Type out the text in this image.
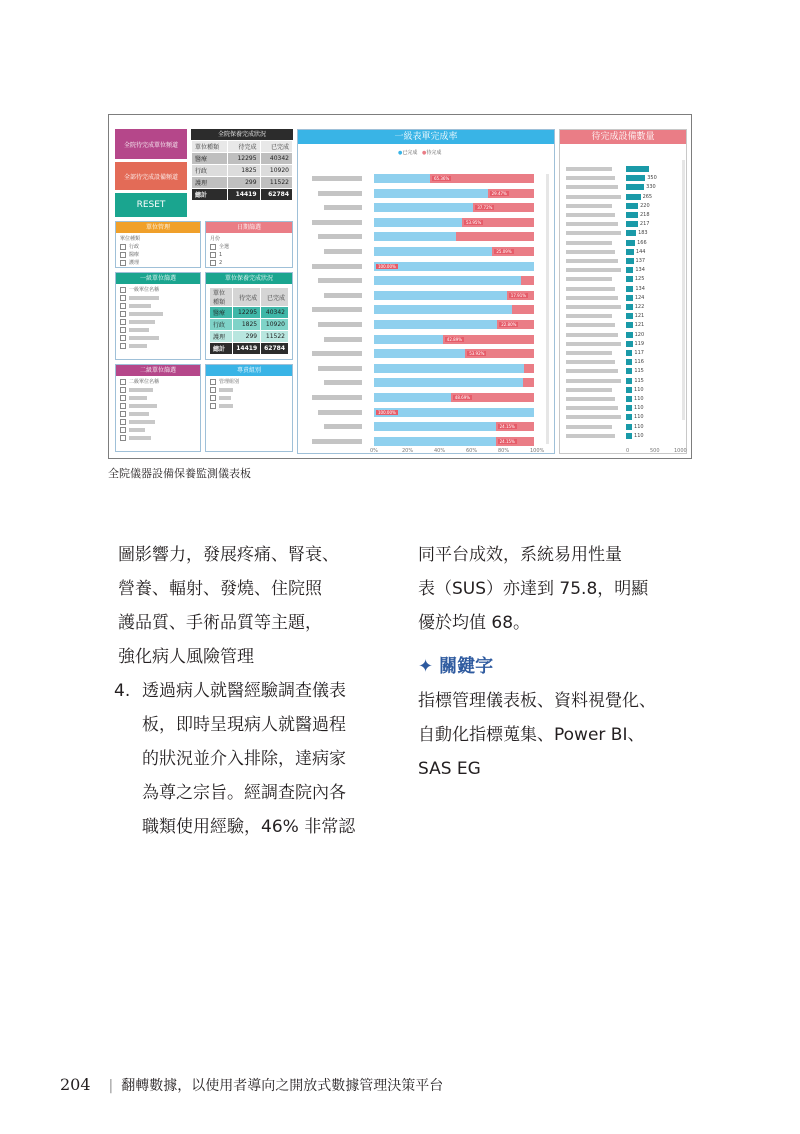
全院待完成單位頻道
全部待完成設備頻道
RESET
全院保養完成狀況
單位種類	待完成	已完成
醫療	12295	40342
行政	1825	10920
護理	299	11522
總計	14419	62784
單位管理
單位種類
行政
醫療
護理
日期篩選
月份
全選
1
2
一級單位篩選
一級單位名稱
單位保養完成狀況
單位種類	待完成	已完成
醫療	12295	40342
行政	1825	10920
護理	299	11522
總計	14419	62784
二級單位篩選
二級單位名稱
專責組別
管理組別
一級表單完成率
●已完成 ●待完成
65.36%
29.47%
37.72%
53.95%
25.09%
100.00%
17.91%
22.80%
42.89%
53.92%
48.69%
100.00%
24.15%
24.15%
0%	20%	40%	60%	80%	100%
待完成設備數量
417
350
330
265
220
218
217
183
166
144
137
134
125
134
124
122
121
121
120
119
117
116
115
115
110
110
110
110
110
110
0	500	1000
全院儀器設備保養監測儀表板
圖影響力，發展疼痛、腎衰、
營養、輻射、發燒、住院照
護品質、手術品質等主題，
強化病人風險管理
4. 透過病人就醫經驗調查儀表
板，即時呈現病人就醫過程
的狀況並介入排除，達病家
為尊之宗旨。經調查院內各
職類使用經驗，46% 非常認
同平台成效，系統易用性量
表（SUS）亦達到 75.8，明顯
優於均值 68。
✦ 關鍵字
指標管理儀表板、資料視覺化、
自動化指標蒐集、Power BI、
SAS EG
204 | 翻轉數據，以使用者導向之開放式數據管理決策平台
